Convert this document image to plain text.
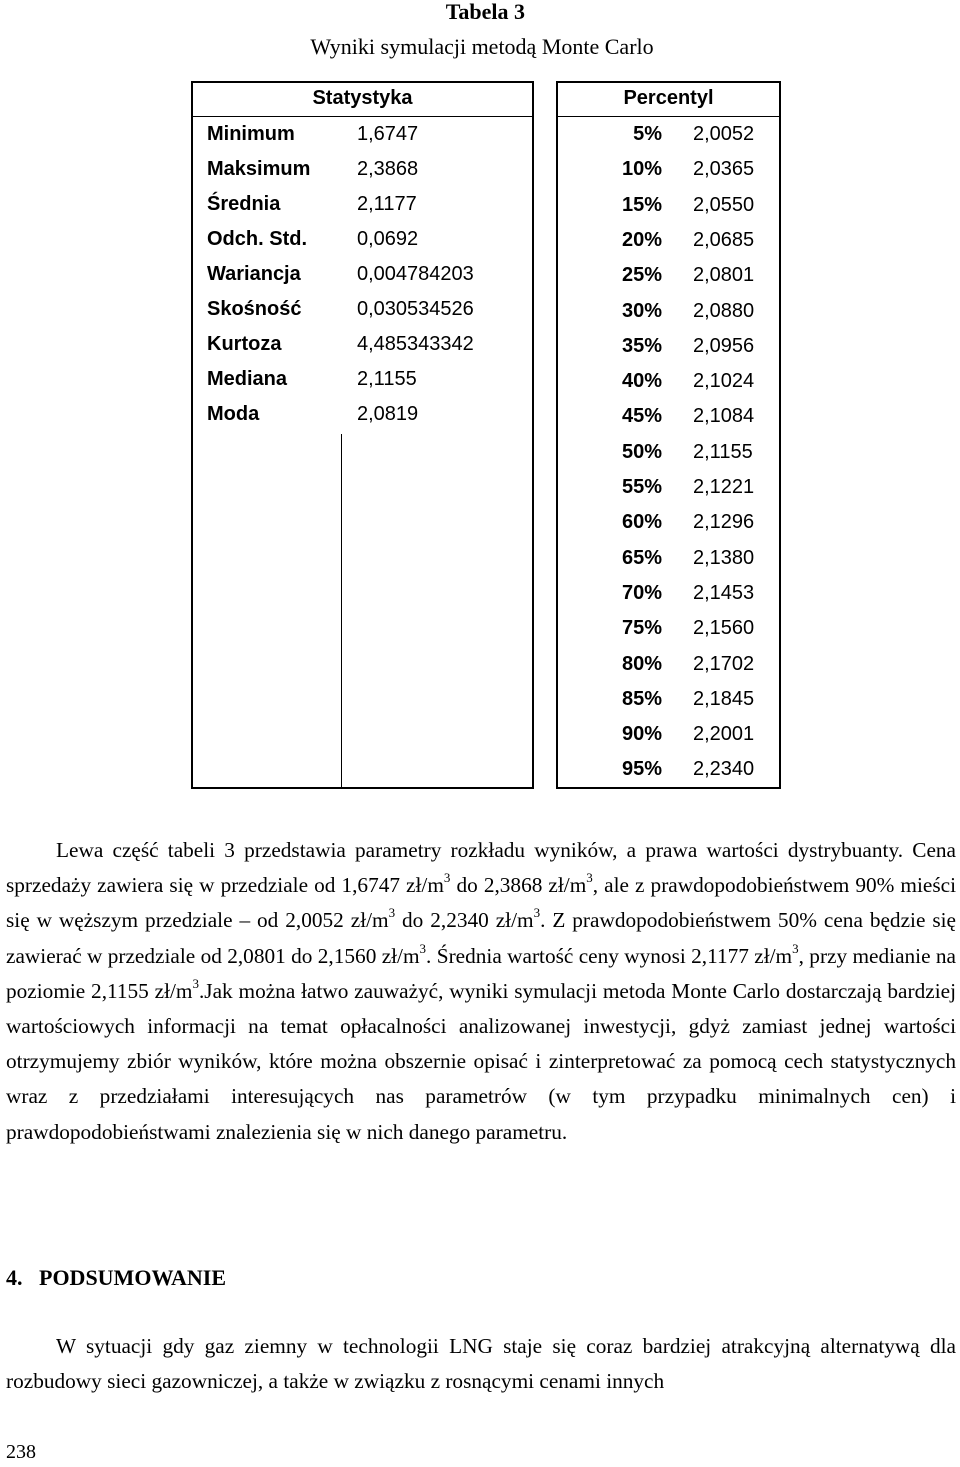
Tabela 3
Wyniki symulacji metodą Monte Carlo
Statystyka
Minimum	1,6747
Maksimum 2,3868
Średnia	2,1177
Odch. Std.	0,0692
Wariancja	0,004784203
Skośność	0,030534526
Kurtoza	4,485343342
Mediana	2,1155
Moda	2,0819
Percentyl
5% 2,0052
10% 2,0365
15% 2,0550
20% 2,0685
25% 2,0801
30% 2,0880
35% 2,0956
40% 2,1024
45% 2,1084
50% 2,1155
55% 2,1221
60% 2,1296
65% 2,1380
70% 2,1453
75% 2,1560
80% 2,1702
85% 2,1845
90% 2,2001
95% 2,2340

Lewa część tabeli 3 przedstawia parametry rozkładu wyników, a prawa wartości dystrybuanty. Cena sprzedaży zawiera się w przedziale od 1,6747 $zł/m^3$ do 2,3868 $zł/m^3$, ale z prawdopodobieństwem 90% mieści się w węższym przedziale – od 2,0052 $zł/m^3$ do 2,2340 $zł/m^3$. Z prawdopodobieństwem 50% cena będzie się zawierać w przedziale od 2,0801 do 2,1560 $zł/m^3$. Średnia wartość ceny wynosi 2,1177 $zł/m^3$, przy medianie na poziomie 2,1155 $zł/m^3.Jak$ można łatwo zauważyć, wyniki symulacji metoda Monte Carlo dostarczają bardziej wartościowych informacji na temat opłacalności analizowanej inwestycji, gdyż zamiast jednej wartości otrzymujemy zbiór wyników, które można obszernie opisać i zinterpretować za pomocą cech statystycznych wraz z przedziałami interesujących nas parametrów (w tym przypadku minimalnych cen) i prawdopodobieństwami znalezienia się w nich danego parametru.

4.   PODSUMOWANIE

W sytuacji gdy gaz ziemny w technologii LNG staje się coraz bardziej atrakcyjną alternatywą dla rozbudowy sieci gazowniczej, a także w związku z rosnącymi cenami innych

238
